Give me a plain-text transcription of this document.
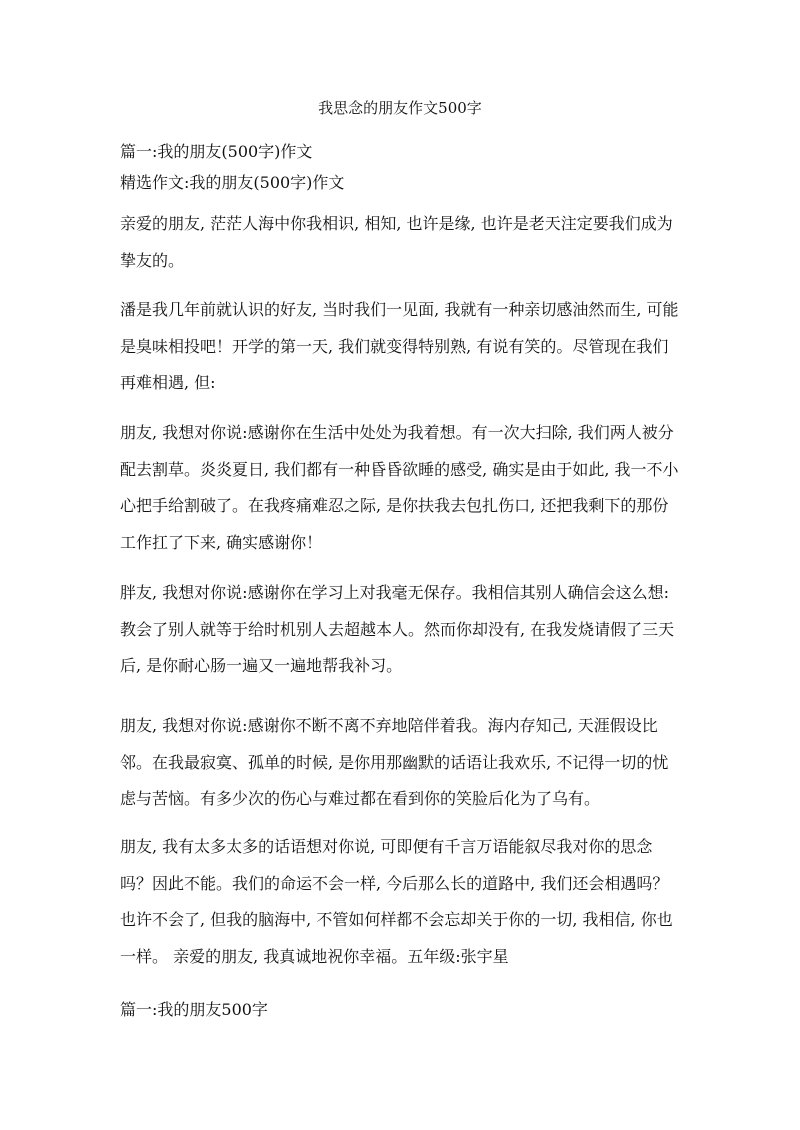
我思念的朋友作文500字
篇一:我的朋友(500字)作文
精选作文:我的朋友(500字)作文

亲爱的朋友, 茫茫人海中你我相识, 相知, 也许是缘, 也许是老天注定要我们成为挚友的。

潘是我几年前就认识的好友, 当时我们一见面, 我就有一种亲切感油然而生, 可能是臭味相投吧！开学的第一天, 我们就变得特别熟, 有说有笑的。尽管现在我们再难相遇, 但:

朋友, 我想对你说:感谢你在生活中处处为我着想。有一次大扫除, 我们两人被分配去割草。炎炎夏日, 我们都有一种昏昏欲睡的感受, 确实是由于如此, 我一不小心把手给割破了。在我疼痛难忍之际, 是你扶我去包扎伤口, 还把我剩下的那份工作扛了下来, 确实感谢你！

胖友, 我想对你说:感谢你在学习上对我毫无保存。我相信其别人确信会这么想:教会了别人就等于给时机别人去超越本人。然而你却没有, 在我发烧请假了三天后, 是你耐心肠一遍又一遍地帮我补习。

朋友, 我想对你说:感谢你不断不离不弃地陪伴着我。海内存知己, 天涯假设比邻。在我最寂寞、孤单的时候, 是你用那幽默的话语让我欢乐, 不记得一切的忧虑与苦恼。有多少次的伤心与难过都在看到你的笑脸后化为了乌有。

朋友, 我有太多太多的话语想对你说, 可即便有千言万语能叙尽我对你的思念吗？因此不能。我们的命运不会一样, 今后那么长的道路中, 我们还会相遇吗？也许不会了, 但我的脑海中, 不管如何样都不会忘却关于你的一切, 我相信, 你也一样。 亲爱的朋友, 我真诚地祝你幸福。五年级:张宇星

篇一:我的朋友500字
